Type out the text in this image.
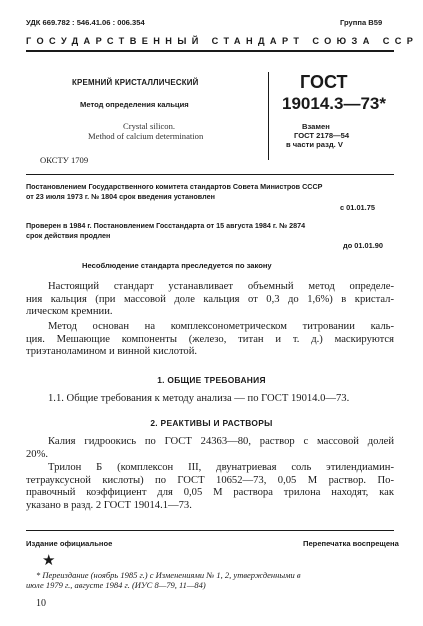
УДК 669.782 : 546.41.06 : 006.354	Группа В59
ГОСУДАРСТВЕННЫЙ СТАНДАРТ СОЮЗА ССР
КРЕМНИЙ КРИСТАЛЛИЧЕСКИЙ
Метод определения кальция
Crystal silicon.
Method of calcium determination
ОКСТУ 1709
ГОСТ
19014.3—73*
Взамен
ГОСТ 2178—54
в части разд. V
Постановлением Государственного комитета стандартов Совета Министров СССР
от 23 июля 1973 г. № 1804 срок введения установлен
с 01.01.75
Проверен в 1984 г. Постановлением Госстандарта от 15 августа 1984 г. № 2874
срок действия продлен
до 01.01.90
Несоблюдение стандарта преследуется по закону
Настоящий стандарт устанавливает объемный метод определе-
ния кальция (при массовой доле кальция от 0,3 до 1,6%) в кристал-
лическом кремнии.
Метод основан на комплексонометрическом титровании каль-
ция. Мешающие компоненты (железо, титан и т. д.) маскируются
триэтаноламином и винной кислотой.
1. ОБЩИЕ ТРЕБОВАНИЯ
1.1. Общие требования к методу анализа — по ГОСТ 19014.0—73.
2. РЕАКТИВЫ И РАСТВОРЫ
Калия гидроокись по ГОСТ 24363—80, раствор с массовой долей
20%.
Трилон Б (комплексон III, двунатриевая соль этилендиамин-
тетрауксусной кислоты) по ГОСТ 10652—73, 0,05 М раствор. По-
правочный коэффициент для 0,05 М раствора трилона находят, как
указано в разд. 2 ГОСТ 19014.1—73.
Издание официальное	Перепечатка воспрещена
★
* Переиздание (ноябрь 1985 г.) с Изменениями № 1, 2, утвержденными в
июле 1979 г., августе 1984 г. (ИУС 8—79, 11—84)
10
